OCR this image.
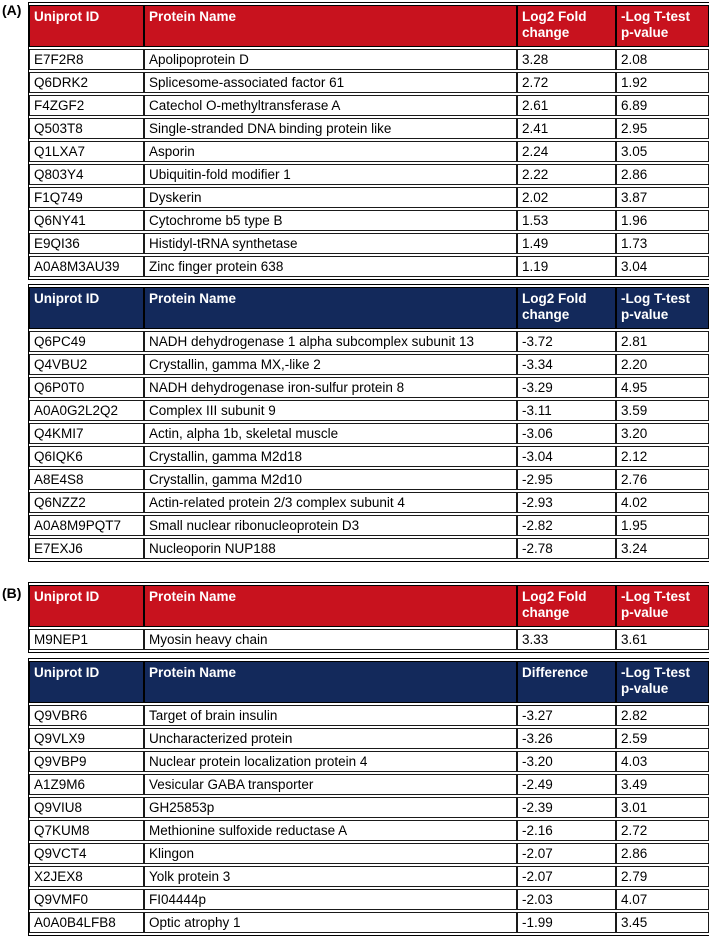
(A)
(B)
Uniprot ID	Protein Name	Log2 Fold change	-Log T-test p-value
E7F2R8	Apolipoprotein D	3.28	2.08
Q6DRK2	Splicesome-associated factor 61	2.72	1.92
F4ZGF2	Catechol O-methyltransferase A	2.61	6.89
Q503T8	Single-stranded DNA binding protein like	2.41	2.95
Q1LXA7	Asporin	2.24	3.05
Q803Y4	Ubiquitin-fold modifier 1	2.22	2.86
F1Q749	Dyskerin	2.02	3.87
Q6NY41	Cytochrome b5 type B	1.53	1.96
E9QI36	Histidyl-tRNA synthetase	1.49	1.73
A0A8M3AU39	Zinc finger protein 638	1.19	3.04
Uniprot ID	Protein Name	Log2 Fold change	-Log T-test p-value
Q6PC49	NADH dehydrogenase 1 alpha subcomplex subunit 13	-3.72	2.81
Q4VBU2	Crystallin, gamma MX,-like 2	-3.34	2.20
Q6P0T0	NADH dehydrogenase iron-sulfur protein 8	-3.29	4.95
A0A0G2L2Q2	Complex III subunit 9	-3.11	3.59
Q4KMI7	Actin, alpha 1b, skeletal muscle	-3.06	3.20
Q6IQK6	Crystallin, gamma M2d18	-3.04	2.12
A8E4S8	Crystallin, gamma M2d10	-2.95	2.76
Q6NZZ2	Actin-related protein 2/3 complex subunit 4	-2.93	4.02
A0A8M9PQT7	Small nuclear ribonucleoprotein D3	-2.82	1.95
E7EXJ6	Nucleoporin NUP188	-2.78	3.24
Uniprot ID	Protein Name	Log2 Fold change	-Log T-test p-value
M9NEP1	Myosin heavy chain	3.33	3.61
Uniprot ID	Protein Name	Difference	-Log T-test p-value
Q9VBR6	Target of brain insulin	-3.27	2.82
Q9VLX9	Uncharacterized protein	-3.26	2.59
Q9VBP9	Nuclear protein localization protein 4	-3.20	4.03
A1Z9M6	Vesicular GABA transporter	-2.49	3.49
Q9VIU8	GH25853p	-2.39	3.01
Q7KUM8	Methionine sulfoxide reductase A	-2.16	2.72
Q9VCT4	Klingon	-2.07	2.86
X2JEX8	Yolk protein 3	-2.07	2.79
Q9VMF0	FI04444p	-2.03	4.07
A0A0B4LFB8	Optic atrophy 1	-1.99	3.45
